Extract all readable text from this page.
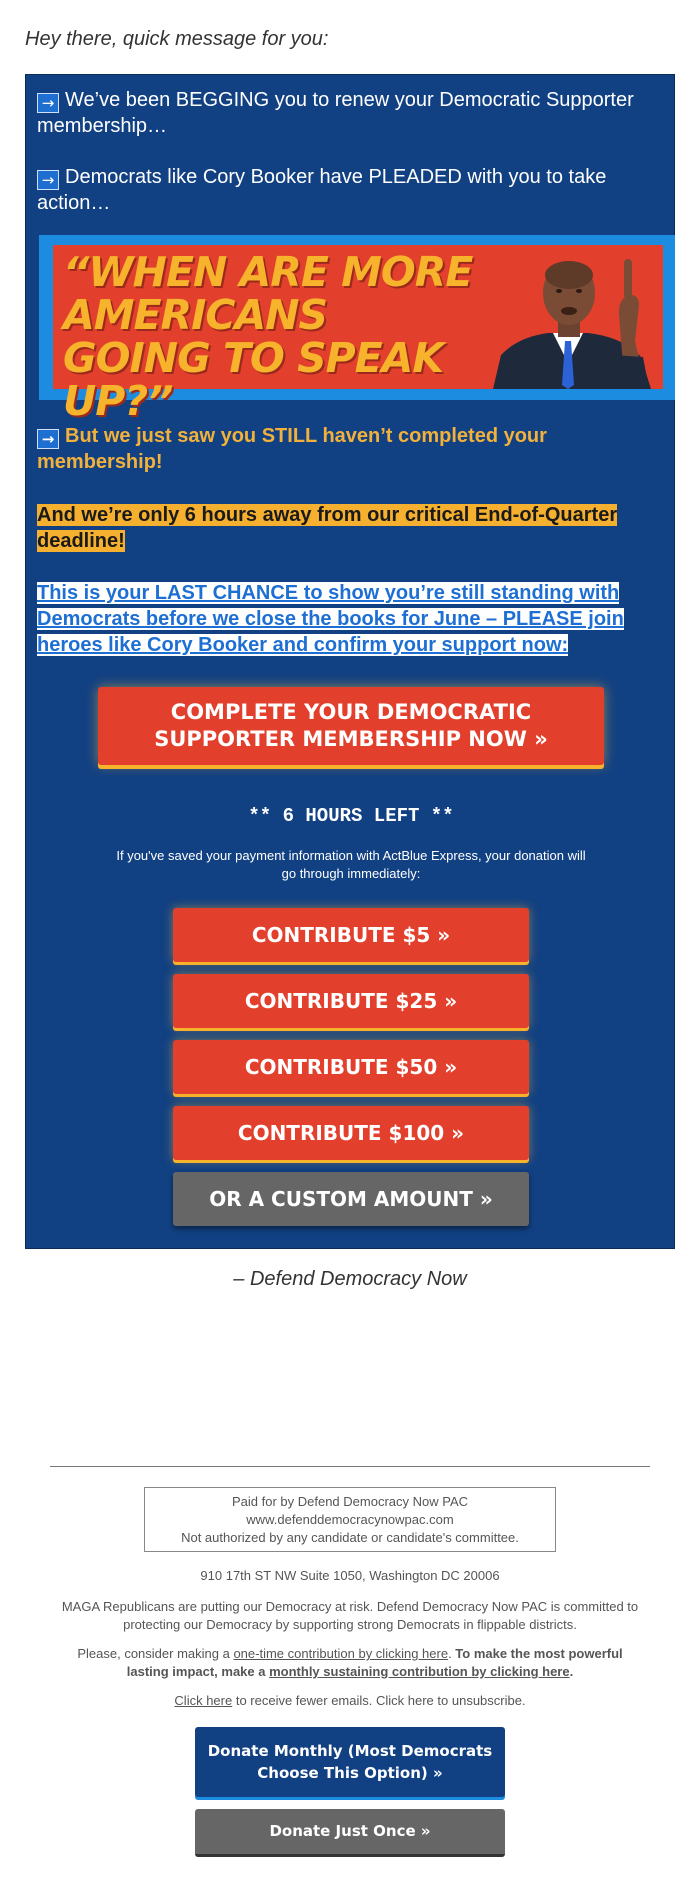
Hey there, quick message for you:
→ We’ve been BEGGING you to renew your Democratic Supporter membership…
→ Democrats like Cory Booker have PLEADED with you to take action…
“WHEN ARE MORE AMERICANS GOING TO SPEAK UP?”
→ But we just saw you STILL haven’t completed your membership!
And we’re only 6 hours away from our critical End-of-Quarter deadline!
This is your LAST CHANCE to show you’re still standing with Democrats before we close the books for June – PLEASE join heroes like Cory Booker and confirm your support now:
COMPLETE YOUR DEMOCRATIC SUPPORTER MEMBERSHIP NOW »
** 6 HOURS LEFT **
If you've saved your payment information with ActBlue Express, your donation will go through immediately:
CONTRIBUTE $5 »
CONTRIBUTE $25 »
CONTRIBUTE $50 »
CONTRIBUTE $100 »
OR A CUSTOM AMOUNT »
– Defend Democracy Now
Paid for by Defend Democracy Now PAC
www.defenddemocracynowpac.com
Not authorized by any candidate or candidate's committee.
910 17th ST NW Suite 1050, Washington DC 20006
MAGA Republicans are putting our Democracy at risk. Defend Democracy Now PAC is committed to protecting our Democracy by supporting strong Democrats in flippable districts.
Please, consider making a one-time contribution by clicking here. To make the most powerful lasting impact, make a monthly sustaining contribution by clicking here.
Click here to receive fewer emails. Click here to unsubscribe.
Donate Monthly (Most Democrats Choose This Option) »
Donate Just Once »
